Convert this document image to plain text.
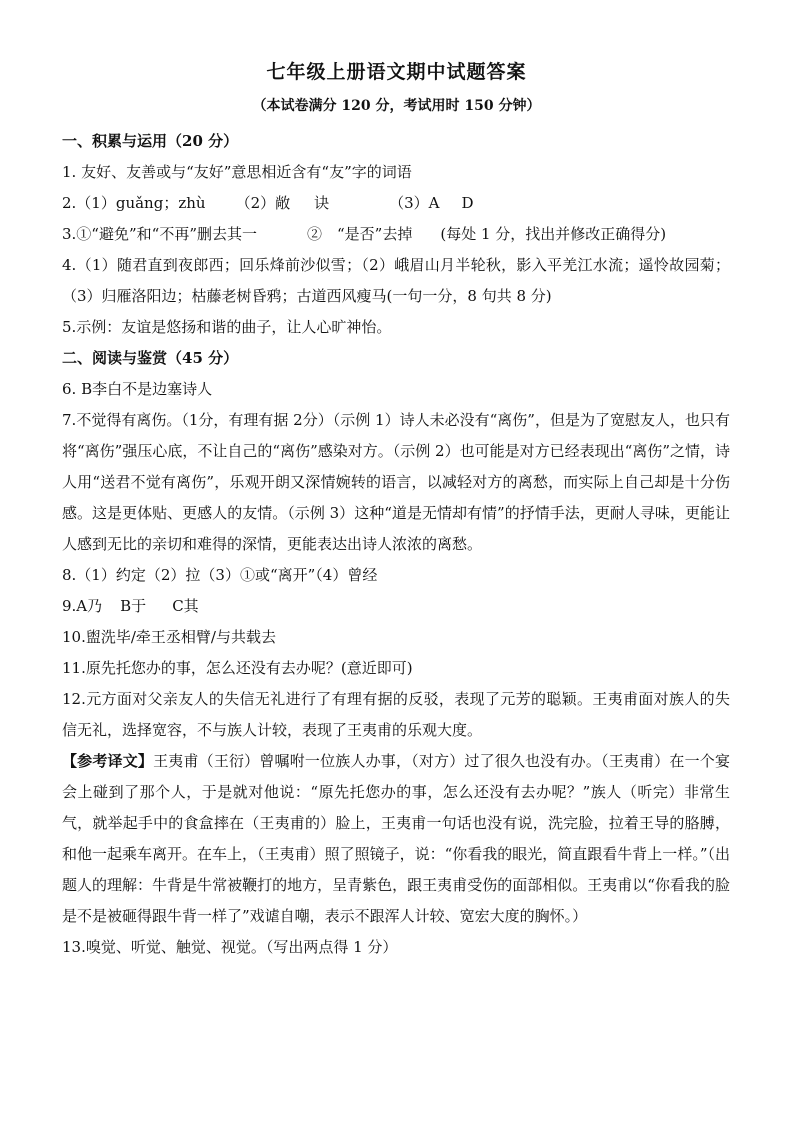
七年级上册语文期中试题答案
（本试卷满分 120 分，考试用时 150 分钟）

一、积累与运用（20 分）

1. 友好、友善或与“友好”意思相近含有“友”字的词语

2.（1）guǎng；zhù （2）敞 诀	（3）A D

3.①“避免”和“不再”删去其一	②　“是否”去掉 (每处 1 分，找出并修改正确得分)

4.（1）随君直到夜郎西；回乐烽前沙似雪；（2）峨眉山月半轮秋，影入平羌江水流；遥怜故园菊；（3）归雁洛阳边；枯藤老树昏鸦；古道西风瘦马(一句一分，8 句共 8 分)

5.示例：友谊是悠扬和谐的曲子，让人心旷神怡。

二、阅读与鉴赏（45 分）

6. B李白不是边塞诗人

7.不觉得有离伤。（1分，有理有据 2分）（示例 1）诗人未必没有“离伤”，但是为了宽慰友人，也只有将“离伤”强压心底，不让自己的“离伤”感染对方。（示例 2）也可能是对方已经表现出“离伤”之情，诗人用“送君不觉有离伤”，乐观开朗又深情婉转的语言，以减轻对方的离愁，而实际上自己却是十分伤感。这是更体贴、更感人的友情。（示例 3）这种“道是无情却有情”的抒情手法，更耐人寻味，更能让人感到无比的亲切和难得的深情，更能表达出诗人浓浓的离愁。

8.（1）约定（2）拉（3）①或“离开”（4）曾经

9.A乃 B于 C其

10.盥洗毕/牵王丞相臂/与共载去

11.原先托您办的事，怎么还没有去办呢？(意近即可)

12.元方面对父亲友人的失信无礼进行了有理有据的反驳，表现了元芳的聪颖。王夷甫面对族人的失信无礼，选择宽容，不与族人计较，表现了王夷甫的乐观大度。

【参考译文】王夷甫（王衍）曾嘱咐一位族人办事，（对方）过了很久也没有办。（王夷甫）在一个宴会上碰到了那个人，于是就对他说：“原先托您办的事，怎么还没有去办呢？”族人（听完）非常生气，就举起手中的食盒摔在（王夷甫的）脸上，王夷甫一句话也没有说，洗完脸，拉着王导的胳膊，和他一起乘车离开。在车上，（王夷甫）照了照镜子，说：“你看我的眼光，简直跟看牛背上一样。”（出题人的理解：牛背是牛常被鞭打的地方，呈青紫色，跟王夷甫受伤的面部相似。王夷甫以“你看我的脸是不是被砸得跟牛背一样了”戏谑自嘲，表示不跟浑人计较、宽宏大度的胸怀。）

13.嗅觉、听觉、触觉、视觉。（写出两点得 1 分）
